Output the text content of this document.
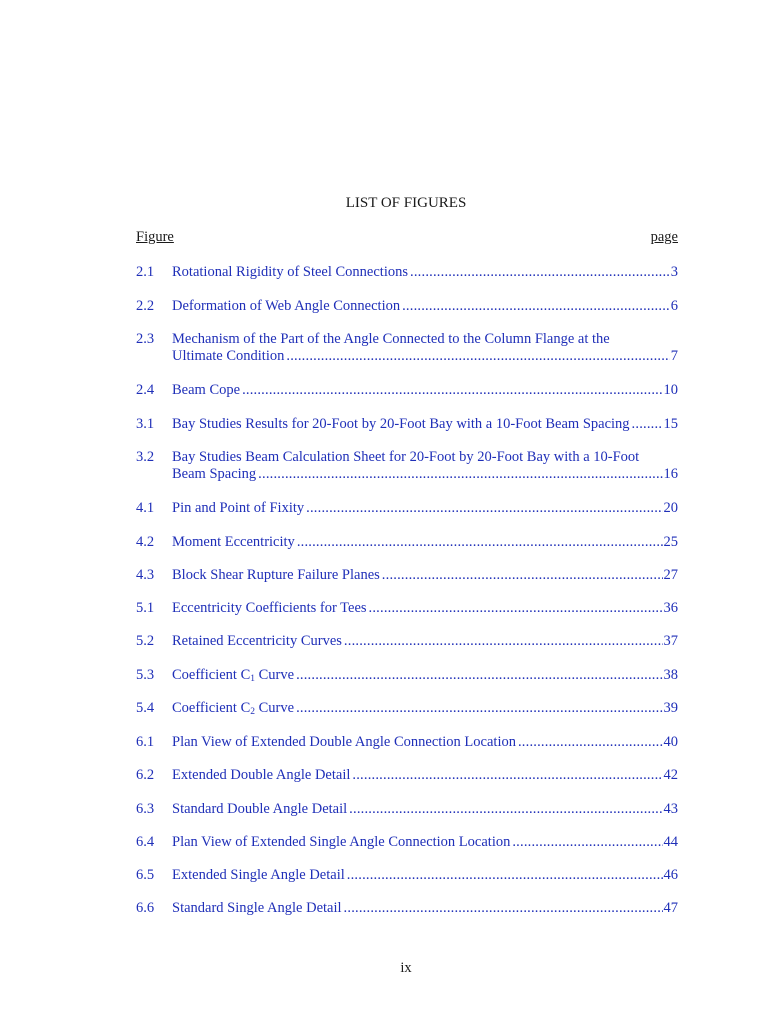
LIST OF FIGURES
Figure	page
2.1	Rotational Rigidity of Steel Connections .....	3
2.2	Deformation of Web Angle Connection .....	6
2.3	Mechanism of the Part of the Angle Connected to the Column Flange at the
Ultimate Condition .....	7
2.4	Beam Cope .....	10
3.1	Bay Studies Results for 20-Foot by 20-Foot Bay with a 10-Foot Beam Spacing ..... 15
3.2	Bay Studies Beam Calculation Sheet for 20-Foot by 20-Foot Bay with a 10-Foot
Beam Spacing .....	16
4.1	Pin and Point of Fixity .....	20
4.2	Moment Eccentricity .....	25
4.3	Block Shear Rupture Failure Planes .....	27
5.1	Eccentricity Coefficients for Tees .....	36
5.2	Retained Eccentricity Curves .....	37
5.3	Coefficient $C_1$ Curve .....	38
5.4	Coefficient $C_2$ Curve .....	39
6.1	Plan View of Extended Double Angle Connection Location .....	40
6.2	Extended Double Angle Detail .....	42
6.3	Standard Double Angle Detail .....	43
6.4	Plan View of Extended Single Angle Connection Location .....	44
6.5	Extended Single Angle Detail .....	46
6.6	Standard Single Angle Detail .....	47
ix
